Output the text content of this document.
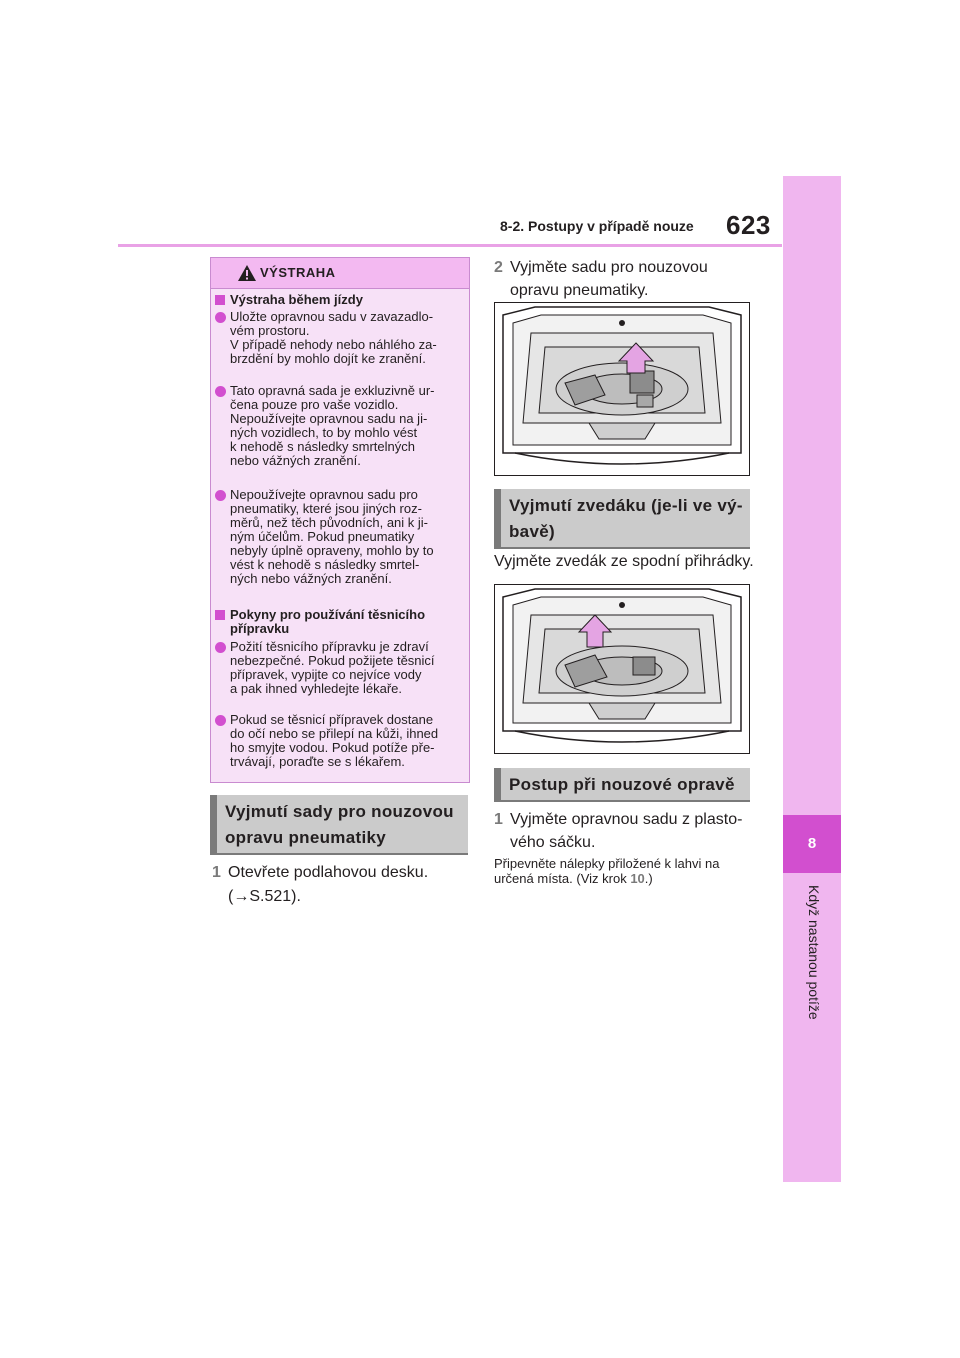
8-2. Postupy v případě nouze 623
8
Když nastanou potíže
VÝSTRAHA
Výstraha během jízdy
Uložte opravnou sadu v zavazadlo-
vém prostoru.
V případě nehody nebo náhlého za-
brzdění by mohlo dojít ke zranění.
Tato opravná sada je exkluzivně ur-
čena pouze pro vaše vozidlo.
Nepoužívejte opravnou sadu na ji-
ných vozidlech, to by mohlo vést
k nehodě s následky smrtelných
nebo vážných zranění.
Nepoužívejte opravnou sadu pro
pneumatiky, které jsou jiných roz-
měrů, než těch původních, ani k ji-
ným účelům. Pokud pneumatiky
nebyly úplně opraveny, mohlo by to
vést k nehodě s následky smrtel-
ných nebo vážných zranění.
Pokyny pro používání těsnicího
přípravku
Požití těsnicího přípravku je zdraví
nebezpečné. Pokud požijete těsnicí
přípravek, vypijte co nejvíce vody
a pak ihned vyhledejte lékaře.
Pokud se těsnicí přípravek dostane
do očí nebo se přilepí na kůži, ihned
ho smyjte vodou. Pokud potíže pře-
trvávají, poraďte se s lékařem.
Vyjmutí sady pro nouzovou
opravu pneumatiky
1 Otevřete podlahovou desku.
(→S.521).
2 Vyjměte sadu pro nouzovou
opravu pneumatiky.
Vyjmutí zvedáku (je-li ve vý-
bavě)
Vyjměte zvedák ze spodní přihrádky.
Postup při nouzové opravě
1 Vyjměte opravnou sadu z plasto-
vého sáčku.
Připevněte nálepky přiložené k lahvi na
určená místa. (Viz krok 10.)
